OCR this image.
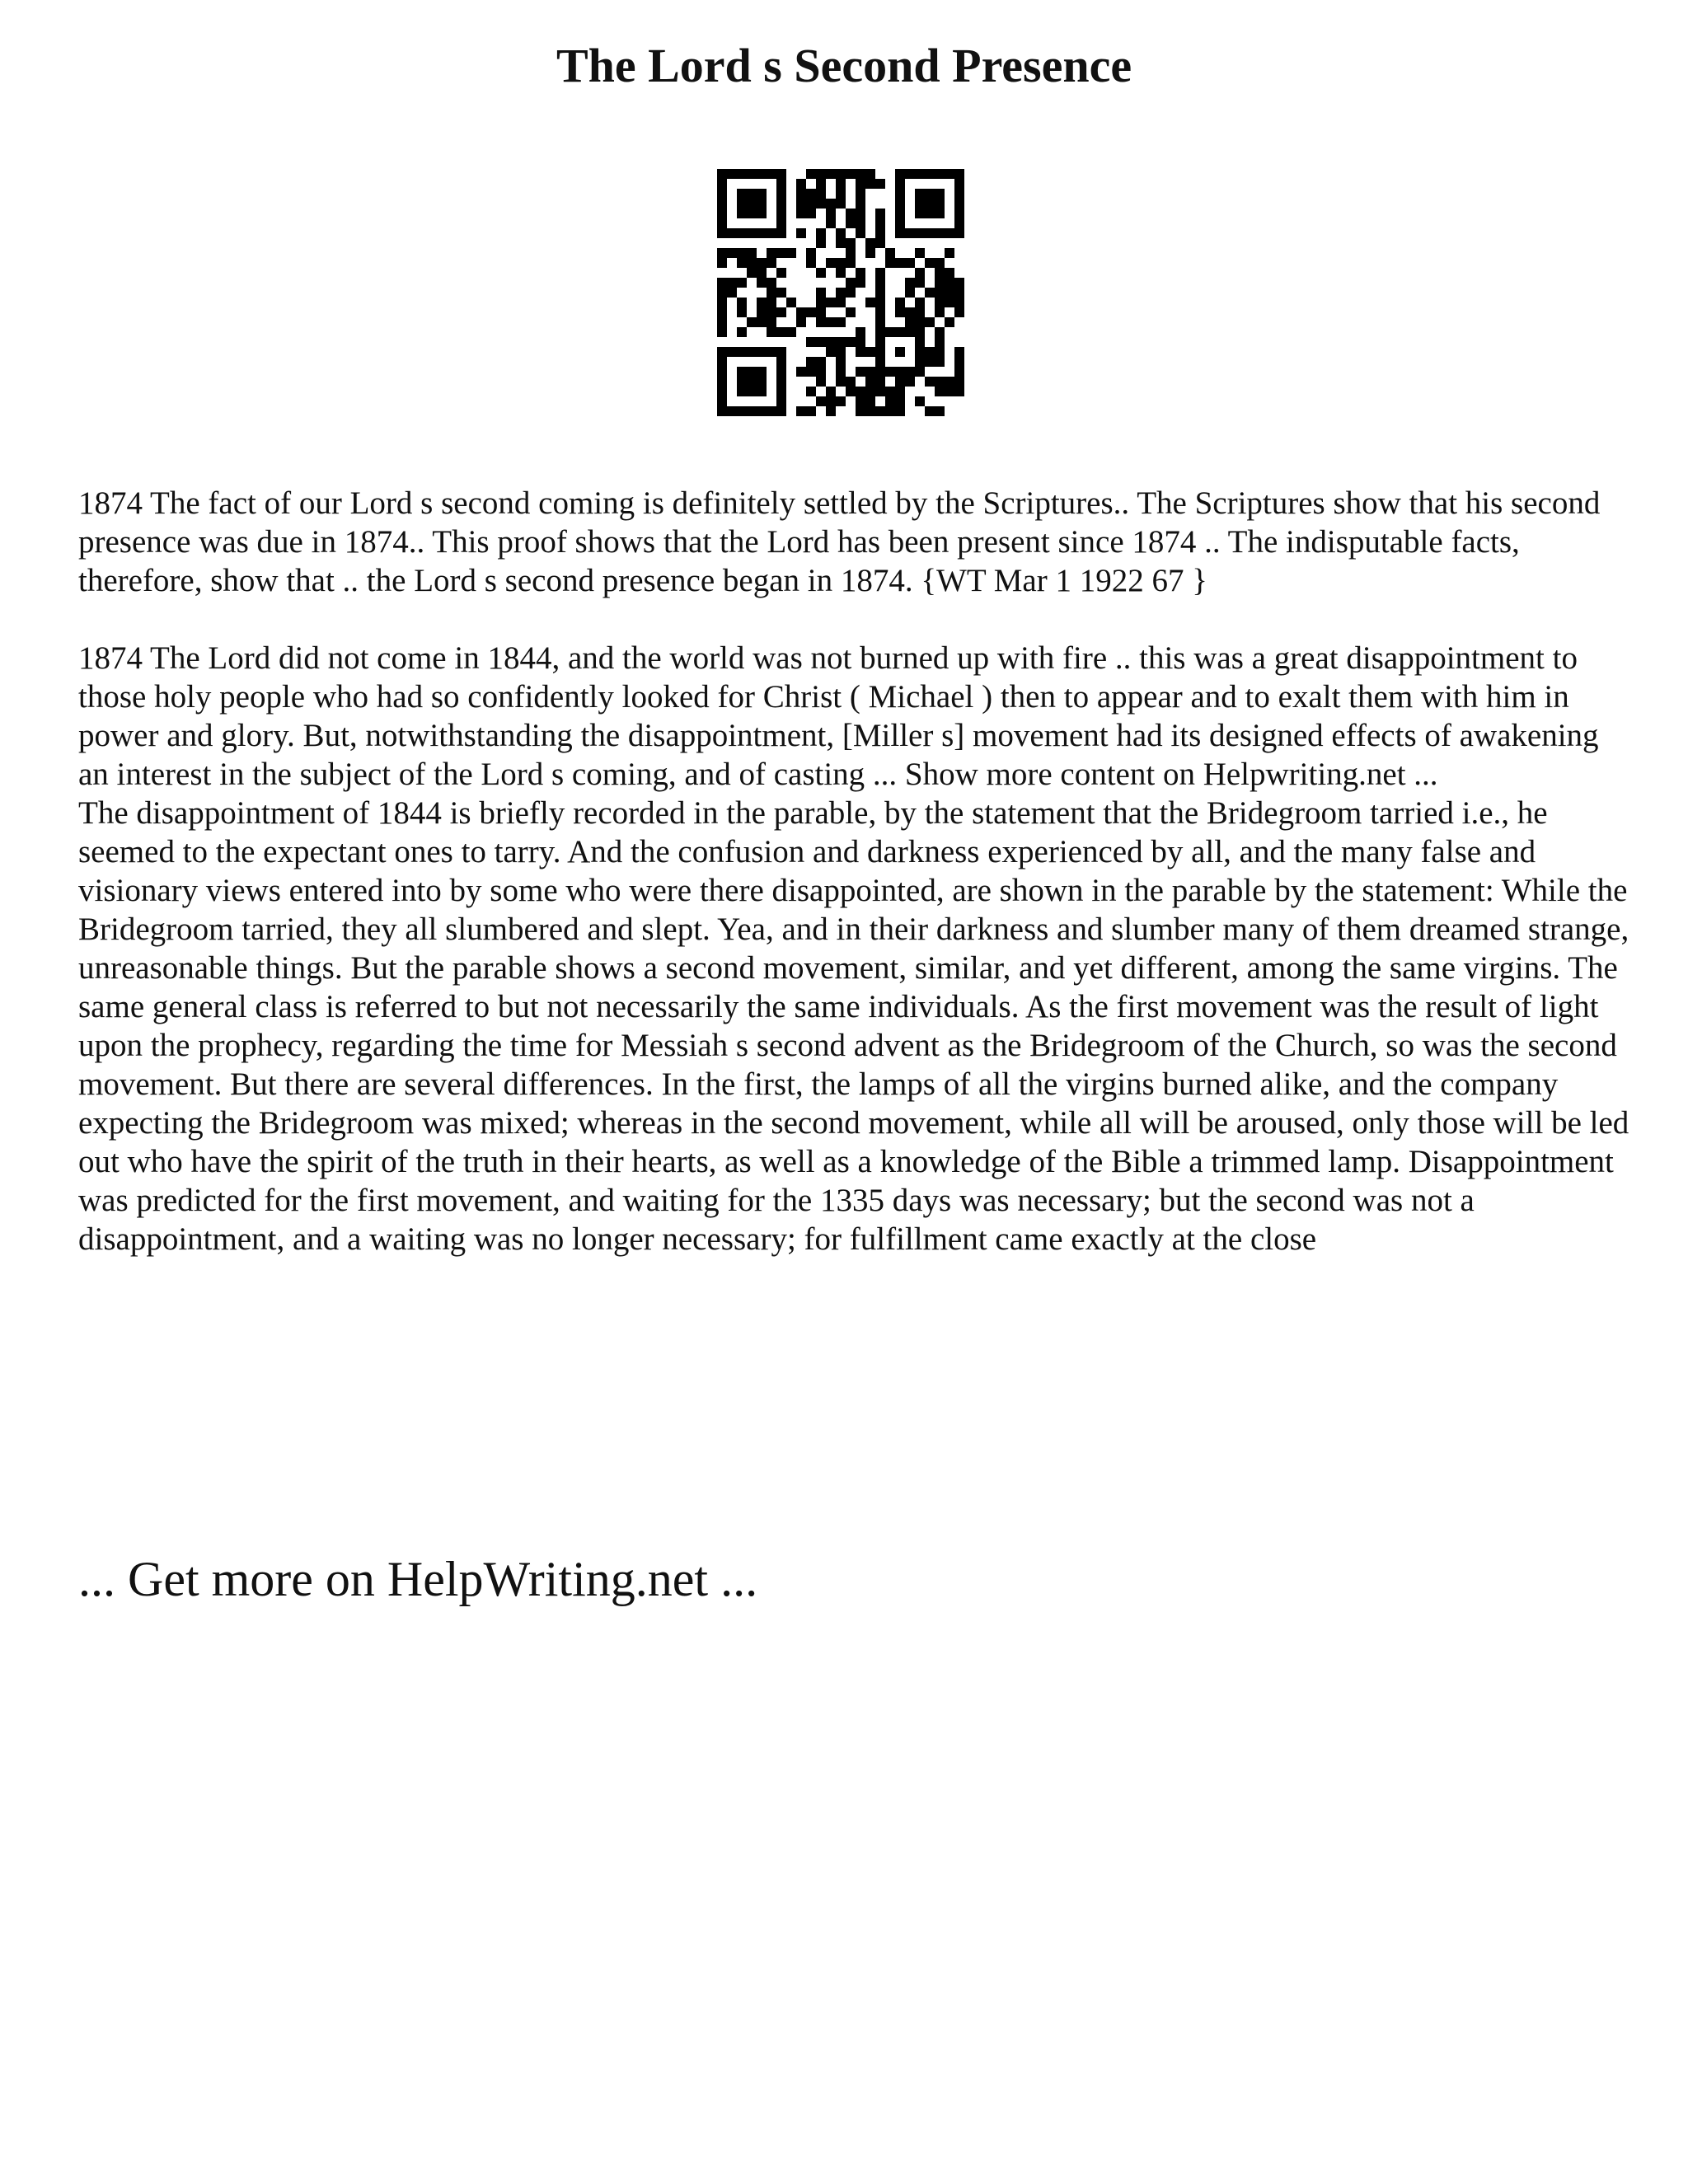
The Lord s Second Presence

1874 The fact of our Lord s second coming is definitely settled by the Scriptures.. The Scriptures show that his second presence was due in 1874.. This proof shows that the Lord has been present since 1874 .. The indisputable facts, therefore, show that .. the Lord s second presence began in 1874. {WT Mar 1 1922 67 }

1874 The Lord did not come in 1844, and the world was not burned up with fire .. this was a great disappointment to those holy people who had so confidently looked for Christ ( Michael ) then to appear and to exalt them with him in power and glory. But, notwithstanding the disappointment, [Miller s] movement had its designed effects of awakening an interest in the subject of the Lord s coming, and of casting ... Show more content on Helpwriting.net ...

The disappointment of 1844 is briefly recorded in the parable, by the statement that the Bridegroom tarried i.e., he seemed to the expectant ones to tarry. And the confusion and darkness experienced by all, and the many false and visionary views entered into by some who were there disappointed, are shown in the parable by the statement: While the Bridegroom tarried, they all slumbered and slept. Yea, and in their darkness and slumber many of them dreamed strange, unreasonable things. But the parable shows a second movement, similar, and yet different, among the same virgins. The same general class is referred to but not necessarily the same individuals. As the first movement was the result of light upon the prophecy, regarding the time for Messiah s second advent as the Bridegroom of the Church, so was the second movement. But there are several differences. In the first, the lamps of all the virgins burned alike, and the company expecting the Bridegroom was mixed; whereas in the second movement, while all will be aroused, only those will be led out who have the spirit of the truth in their hearts, as well as a knowledge of the Bible a trimmed lamp. Disappointment was predicted for the first movement, and waiting for the 1335 days was necessary; but the second was not a disappointment, and a waiting was no longer necessary; for fulfillment came exactly at the close

... Get more on HelpWriting.net ...
